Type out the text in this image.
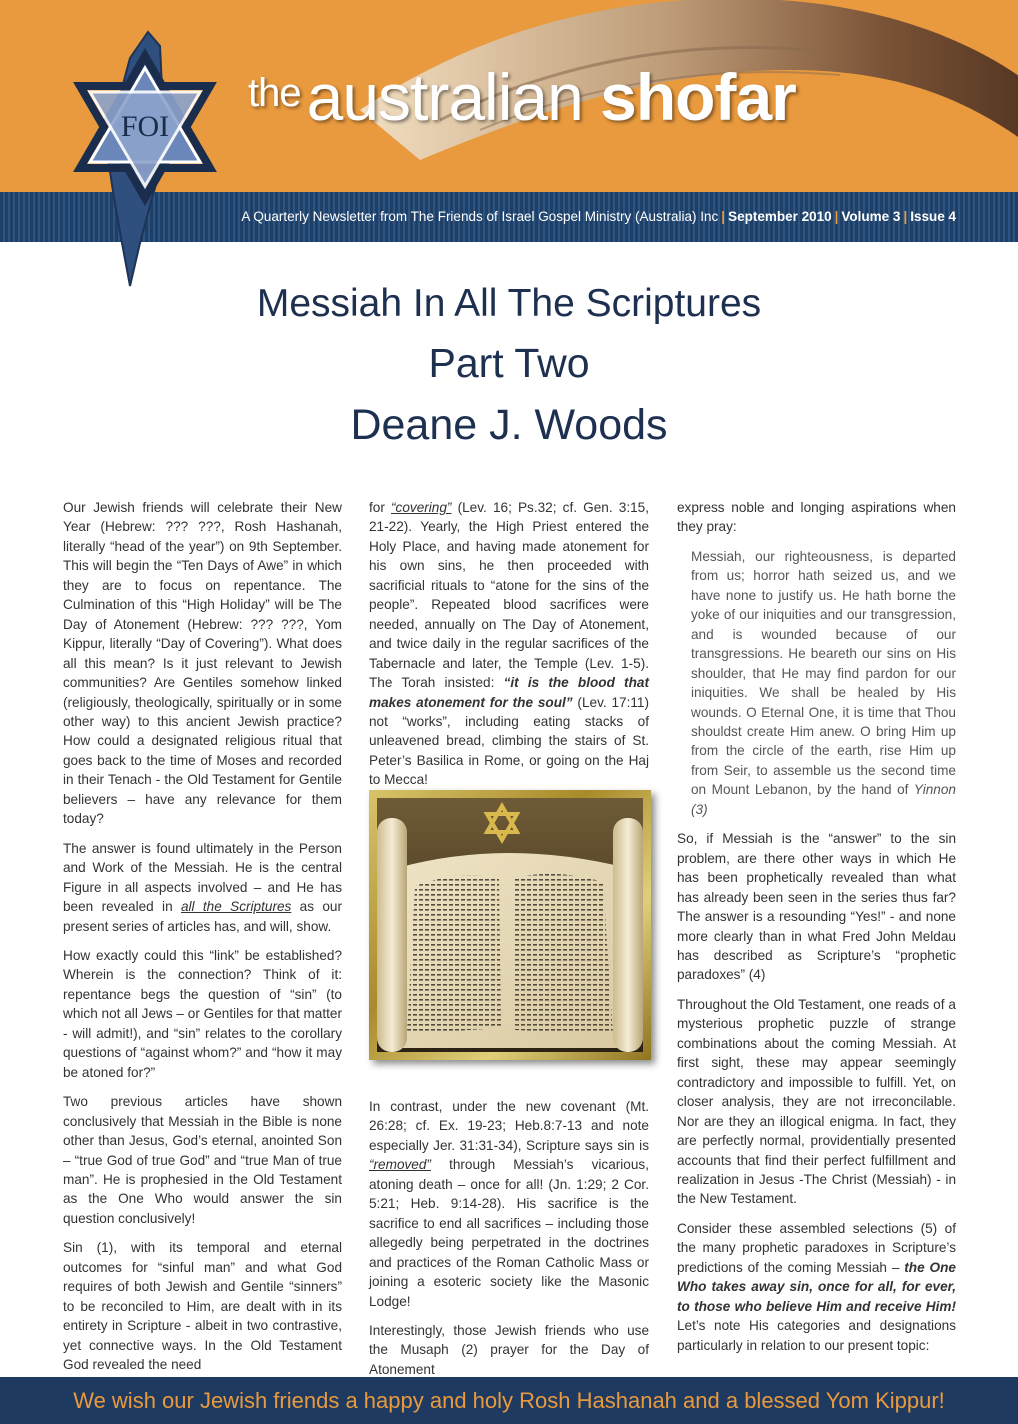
$^{the}$australian shofar
A Quarterly Newsletter from The Friends of Israel Gospel Ministry (Australia) Inc | September 2010 | Volume 3 | Issue 4
FOI
Messiah In All The Scriptures
Part Two
Deane J. Woods

Our Jewish friends will celebrate their New Year (Hebrew: ??? ???, Rosh Hashanah, literally “head of the year”) on 9th September. This will begin the “Ten Days of Awe” in which they are to focus on repentance. The Culmination of this “High Holiday” will be The Day of Atonement (Hebrew: ??? ???, Yom Kippur, literally “Day of Covering”). What does all this mean? Is it just relevant to Jewish communities? Are Gentiles somehow linked (religiously, theologically, spiritually or in some other way) to this ancient Jewish practice? How could a designated religious ritual that goes back to the time of Moses and recorded in their Tenach - the Old Testament for Gentile believers – have any relevance for them today?

The answer is found ultimately in the Person and Work of the Messiah. He is the central Figure in all aspects involved – and He has been revealed in all the Scriptures as our present series of articles has, and will, show.

How exactly could this “link” be established? Wherein is the connection? Think of it: repentance begs the question of “sin” (to which not all Jews – or Gentiles for that matter - will admit!), and “sin” relates to the corollary questions of “against whom?” and “how it may be atoned for?”

Two previous articles have shown conclusively that Messiah in the Bible is none other than Jesus, God’s eternal, anointed Son – “true God of true God” and “true Man of true man”. He is prophesied in the Old Testament as the One Who would answer the sin question conclusively!

Sin (1), with its temporal and eternal outcomes for “sinful man” and what God requires of both Jewish and Gentile “sinners” to be reconciled to Him, are dealt with in its entirety in Scripture - albeit in two contrastive, yet connective ways. In the Old Testament God revealed the need

for “covering” (Lev. 16; Ps.32; cf. Gen. 3:15, 21-22). Yearly, the High Priest entered the Holy Place, and having made atonement for his own sins, he then proceeded with sacrificial rituals to “atone for the sins of the people”. Repeated blood sacrifices were needed, annually on The Day of Atonement, and twice daily in the regular sacrifices of the Tabernacle and later, the Temple (Lev. 1-5). The Torah insisted: “it is the blood that makes atonement for the soul” (Lev. 17:11) not “works”, including eating stacks of unleavened bread, climbing the stairs of St. Peter’s Basilica in Rome, or going on the Haj to Mecca!

In contrast, under the new covenant (Mt. 26:28; cf. Ex. 19-23; Heb.8:7-13 and note especially Jer. 31:31-34), Scripture says sin is “removed” through Messiah’s vicarious, atoning death – once for all! (Jn. 1:29; 2 Cor. 5:21; Heb. 9:14-28). His sacrifice is the sacrifice to end all sacrifices – including those allegedly being perpetrated in the doctrines and practices of the Roman Catholic Mass or joining a esoteric society like the Masonic Lodge!

Interestingly, those Jewish friends who use the Musaph (2) prayer for the Day of Atonement

express noble and longing aspirations when they pray:

Messiah, our righteousness, is departed from us; horror hath seized us, and we have none to justify us. He hath borne the yoke of our iniquities and our transgression, and is wounded because of our transgressions. He beareth our sins on His shoulder, that He may find pardon for our iniquities. We shall be healed by His wounds. O Eternal One, it is time that Thou shouldst create Him anew. O bring Him up from the circle of the earth, rise Him up from Seir, to assemble us the second time on Mount Lebanon, by the hand of Yinnon (3)

So, if Messiah is the “answer” to the sin problem, are there other ways in which He has been prophetically revealed than what has already been seen in the series thus far? The answer is a resounding “Yes!” - and none more clearly than in what Fred John Meldau has described as Scripture’s “prophetic paradoxes” (4)

Throughout the Old Testament, one reads of a mysterious prophetic puzzle of strange combinations about the coming Messiah. At first sight, these may appear seemingly contradictory and impossible to fulfill. Yet, on closer analysis, they are not irreconcilable. Nor are they an illogical enigma. In fact, they are perfectly normal, providentially presented accounts that find their perfect fulfillment and realization in Jesus -The Christ (Messiah) - in the New Testament.

Consider these assembled selections (5) of the many prophetic paradoxes in Scripture’s predictions of the coming Messiah – the One Who takes away sin, once for all, for ever, to those who believe Him and receive Him! Let’s note His categories and designations particularly in relation to our present topic:

We wish our Jewish friends a happy and holy Rosh Hashanah and a blessed Yom Kippur!
